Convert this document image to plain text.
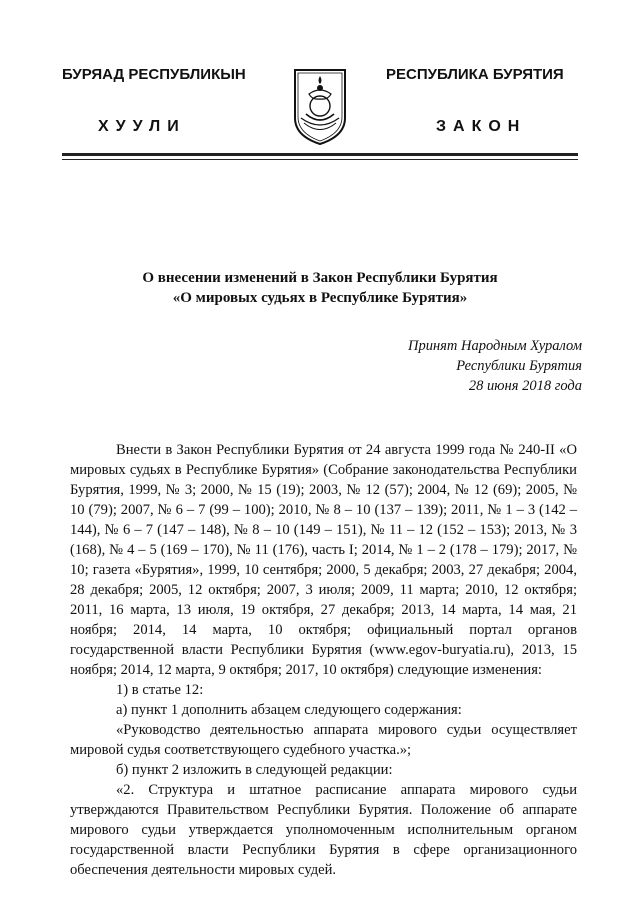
БУРЯАД РЕСПУБЛИКЫН
ХУУЛИ
РЕСПУБЛИКА БУРЯТИЯ
ЗАКОН
О внесении изменений в Закон Республики Бурятия
«О мировых судьях в Республике Бурятия»
Принят Народным Хуралом
Республики Бурятия
28 июня 2018 года

Внести в Закон Республики Бурятия от 24 августа 1999 года № 240-II «О мировых судьях в Республике Бурятия» (Собрание законодательства Республики Бурятия, 1999, № 3; 2000, № 15 (19); 2003, № 12 (57); 2004, № 12 (69); 2005, № 10 (79); 2007, № 6 – 7 (99 – 100); 2010, № 8 – 10 (137 – 139); 2011, № 1 – 3 (142 – 144), № 6 – 7 (147 – 148), № 8 – 10 (149 – 151), № 11 – 12 (152 – 153); 2013, № 3 (168), № 4 – 5 (169 – 170), № 11 (176), часть I; 2014, № 1 – 2 (178 – 179); 2017, № 10; газета «Бурятия», 1999, 10 сентября; 2000, 5 декабря; 2003, 27 декабря; 2004, 28 декабря; 2005, 12 октября; 2007, 3 июля; 2009, 11 марта; 2010, 12 октября; 2011, 16 марта, 13 июля, 19 октября, 27 декабря; 2013, 14 марта, 14 мая, 21 ноября; 2014, 14 марта, 10 октября; официальный портал органов государственной власти Республики Бурятия (www.egov-buryatia.ru), 2013, 15 ноября; 2014, 12 марта, 9 октября; 2017, 10 октября) следующие изменения:

1) в статье 12:

а) пункт 1 дополнить абзацем следующего содержания:

«Руководство деятельностью аппарата мирового судьи осуществляет мировой судья соответствующего судебного участка.»;

б) пункт 2 изложить в следующей редакции:

«2. Структура и штатное расписание аппарата мирового судьи утверждаются Правительством Республики Бурятия. Положение об аппарате мирового судьи утверждается уполномоченным исполнительным органом государственной власти Республики Бурятия в сфере организационного обеспечения деятельности мировых судей.
